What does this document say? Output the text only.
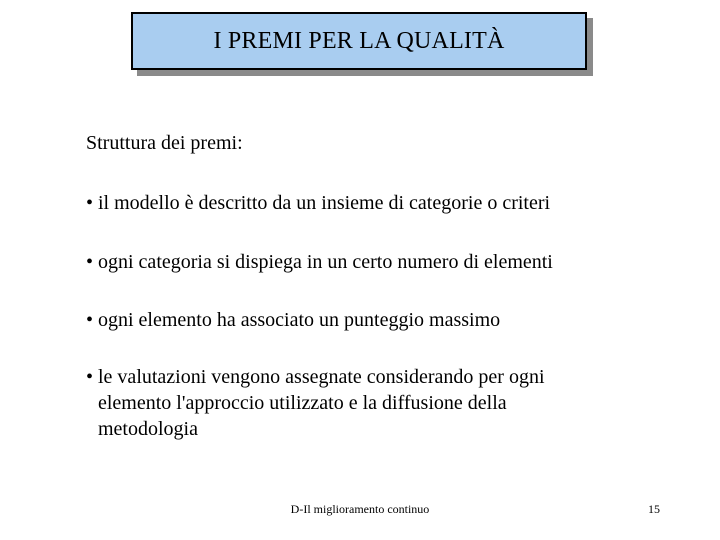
I PREMI PER LA QUALITÀ
Struttura dei premi:
• il modello è descritto da un insieme di categorie o criteri
• ogni categoria si dispiega in un certo numero di elementi
• ogni elemento ha associato un punteggio massimo
• le valutazioni vengono assegnate considerando per ogni
elemento l'approccio utilizzato e la diffusione della
metodologia
D-Il miglioramento continuo	15
